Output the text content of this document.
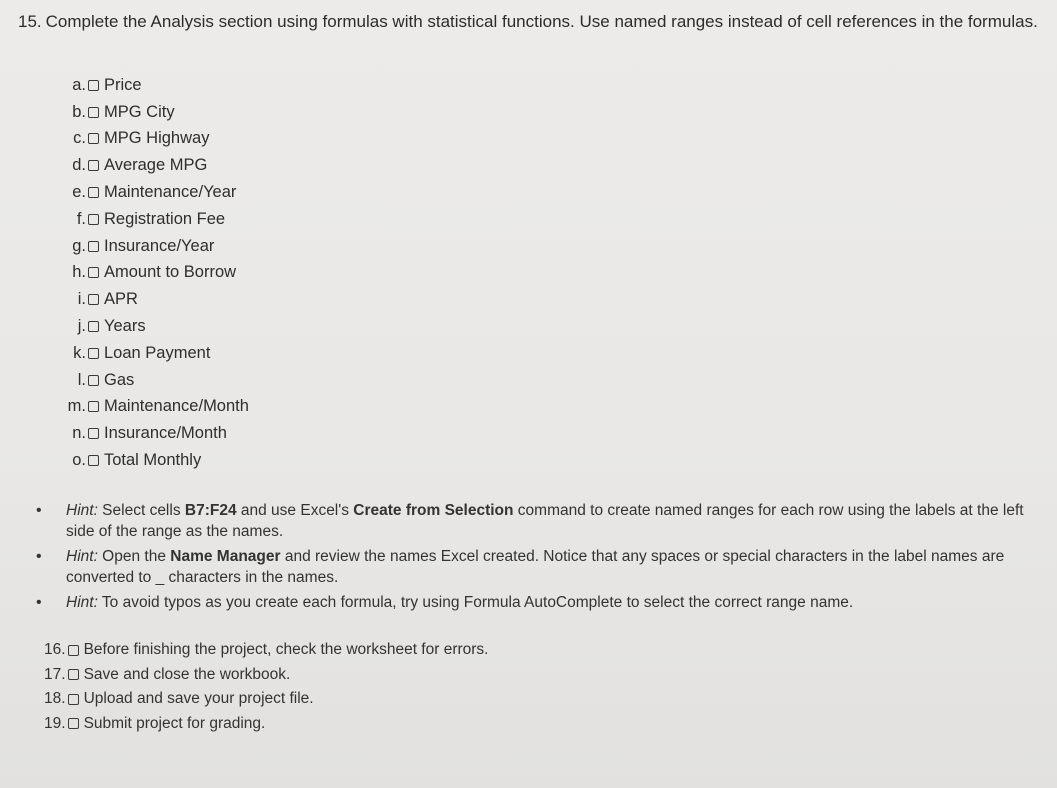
15. Complete the Analysis section using formulas with statistical functions. Use named ranges instead of cell references in the formulas.
a. Price
b. MPG City
c. MPG Highway
d. Average MPG
e. Maintenance/Year
f. Registration Fee
g. Insurance/Year
h. Amount to Borrow
i. APR
j. Years
k. Loan Payment
l. Gas
m. Maintenance/Month
n. Insurance/Month
o. Total Monthly
• Hint: Select cells B7:F24 and use Excel's Create from Selection command to create named ranges for each row using the labels at the left side of the range as the names.
• Hint: Open the Name Manager and review the names Excel created. Notice that any spaces or special characters in the label names are converted to _ characters in the names.
• Hint: To avoid typos as you create each formula, try using Formula AutoComplete to select the correct range name.
16. Before finishing the project, check the worksheet for errors.
17. Save and close the workbook.
18. Upload and save your project file.
19. Submit project for grading.
